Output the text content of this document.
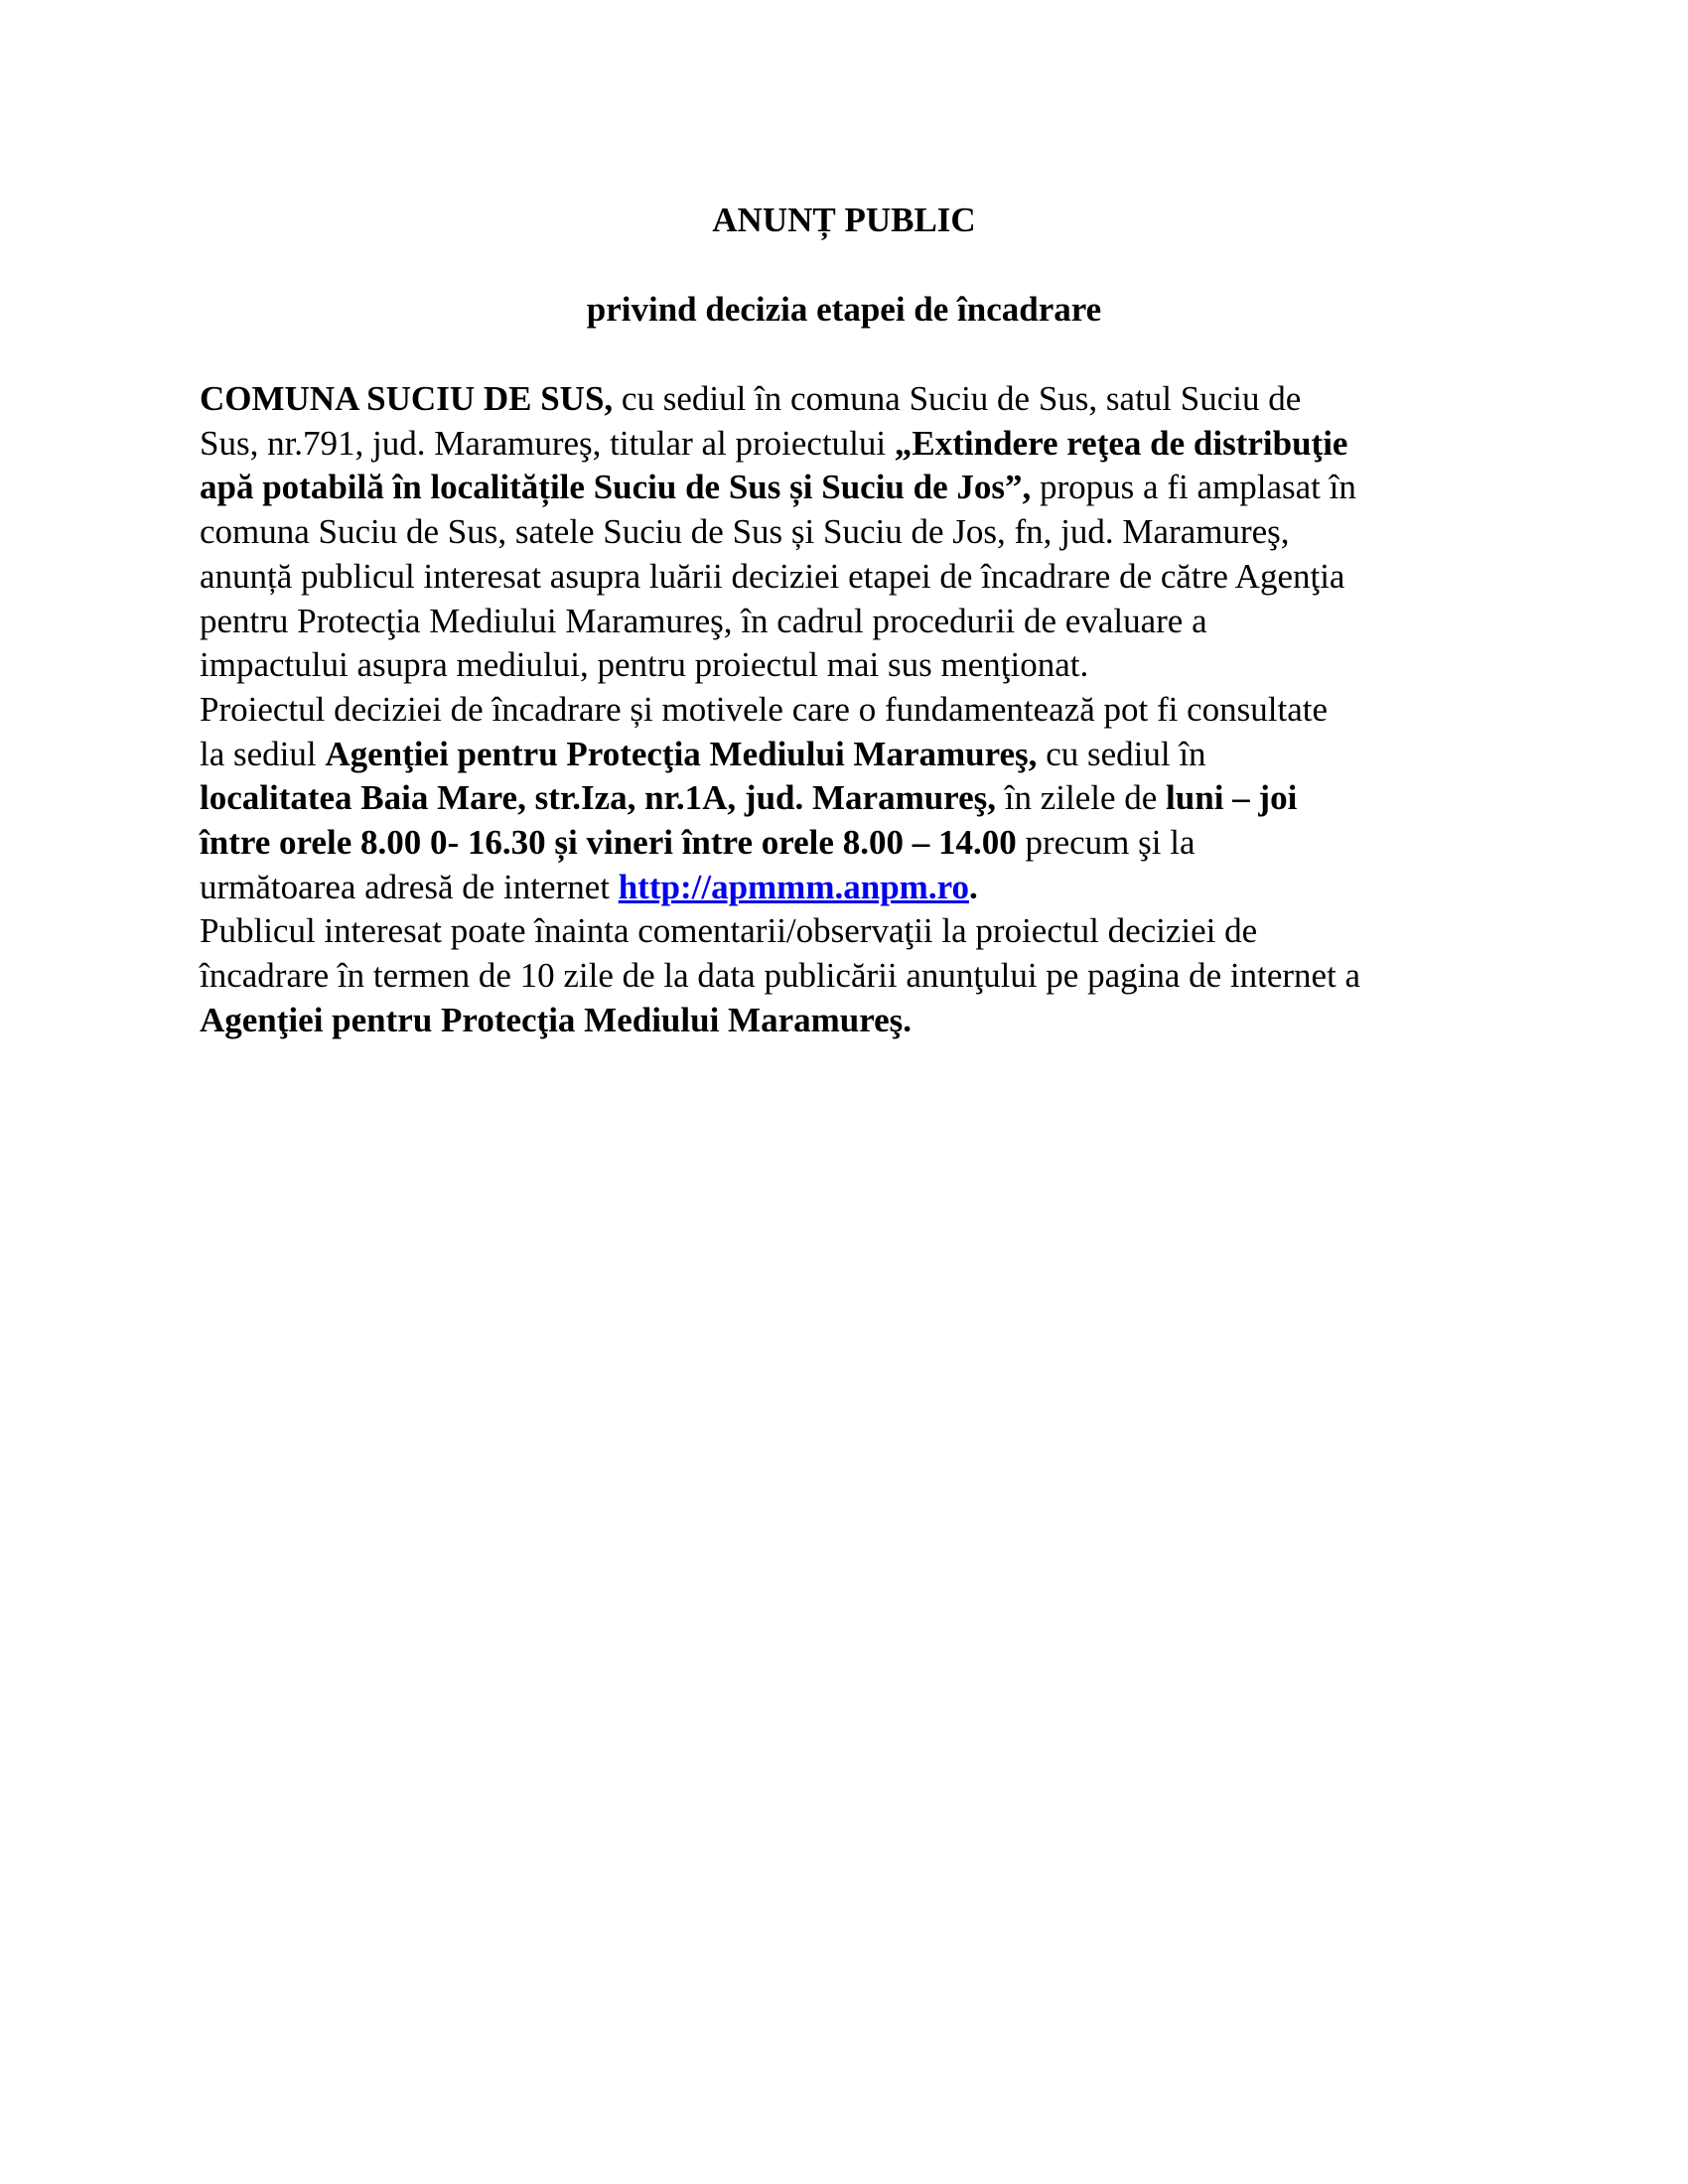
ANUNȚ PUBLIC
privind decizia etapei de încadrare
COMUNA SUCIU DE SUS, cu sediul în comuna Suciu de Sus, satul Suciu de
Sus, nr.791, jud. Maramureş, titular al proiectului „Extindere reţea de distribuţie
apă potabilă în localitățile Suciu de Sus și Suciu de Jos”, propus a fi amplasat în
comuna Suciu de Sus, satele Suciu de Sus și Suciu de Jos, fn, jud. Maramureş,
anunță publicul interesat asupra luării deciziei etapei de încadrare de către Agenţia
pentru Protecţia Mediului Maramureş, în cadrul procedurii de evaluare a
impactului asupra mediului, pentru proiectul mai sus menţionat.
Proiectul deciziei de încadrare și motivele care o fundamentează pot fi consultate
la sediul Agenţiei pentru Protecţia Mediului Maramureş, cu sediul în
localitatea Baia Mare, str.Iza, nr.1A, jud. Maramureş, în zilele de luni – joi
între orele 8.00 0- 16.30 și vineri între orele 8.00 – 14.00 precum şi la
următoarea adresă de internet http://apmmm.anpm.ro.
Publicul interesat poate înainta comentarii/observaţii la proiectul deciziei de
încadrare în termen de 10 zile de la data publicării anunţului pe pagina de internet a
Agenţiei pentru Protecţia Mediului Maramureş.
